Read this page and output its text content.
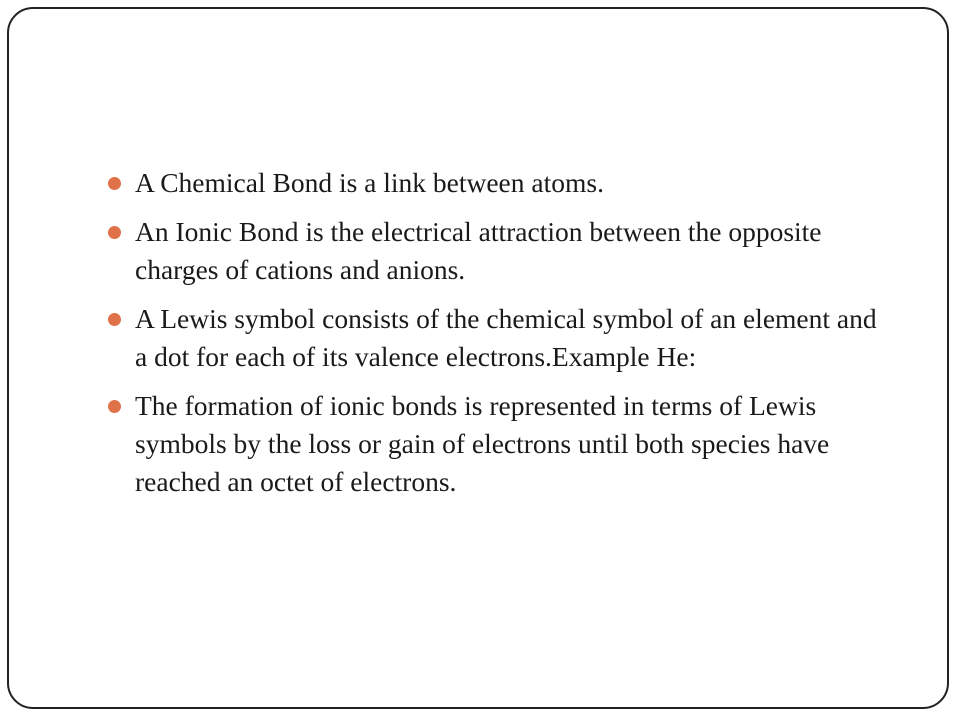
A Chemical Bond is a link between atoms.
An Ionic Bond is the electrical attraction between the opposite charges of cations and anions.
A Lewis symbol consists of the chemical symbol of an element and a dot for each of its valence electrons.Example He:
The formation of ionic bonds is represented in terms of Lewis symbols by the loss or gain of electrons until both species have reached an octet of electrons.
